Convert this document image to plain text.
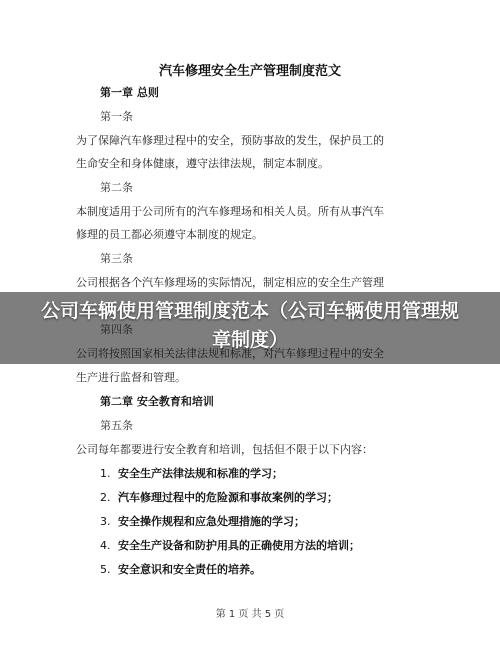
汽车修理安全生产管理制度范文
第一章 总则
第一条
为了保障汽车修理过程中的安全，预防事故的发生，保护员工的
生命安全和身体健康，遵守法律法规，制定本制度。
第二条
本制度适用于公司所有的汽车修理场和相关人员。所有从事汽车
修理的员工都必须遵守本制度的规定。
第三条
公司根据各个汽车修理场的实际情况，制定相应的安全生产管理
生产进行监督和管理。
第二章 安全教育和培训
第五条
公司每年都要进行安全教育和培训，包括但不限于以下内容：
1. 安全生产法律法规和标准的学习；
2. 汽车修理过程中的危险源和事故案例的学习；
3. 安全操作规程和应急处理措施的学习；
4. 安全生产设备和防护用具的正确使用方法的培训；
5. 安全意识和安全责任的培养。
第 1 页 共 5 页
公司车辆使用管理制度范本（公司车辆使用管理规章制度）
